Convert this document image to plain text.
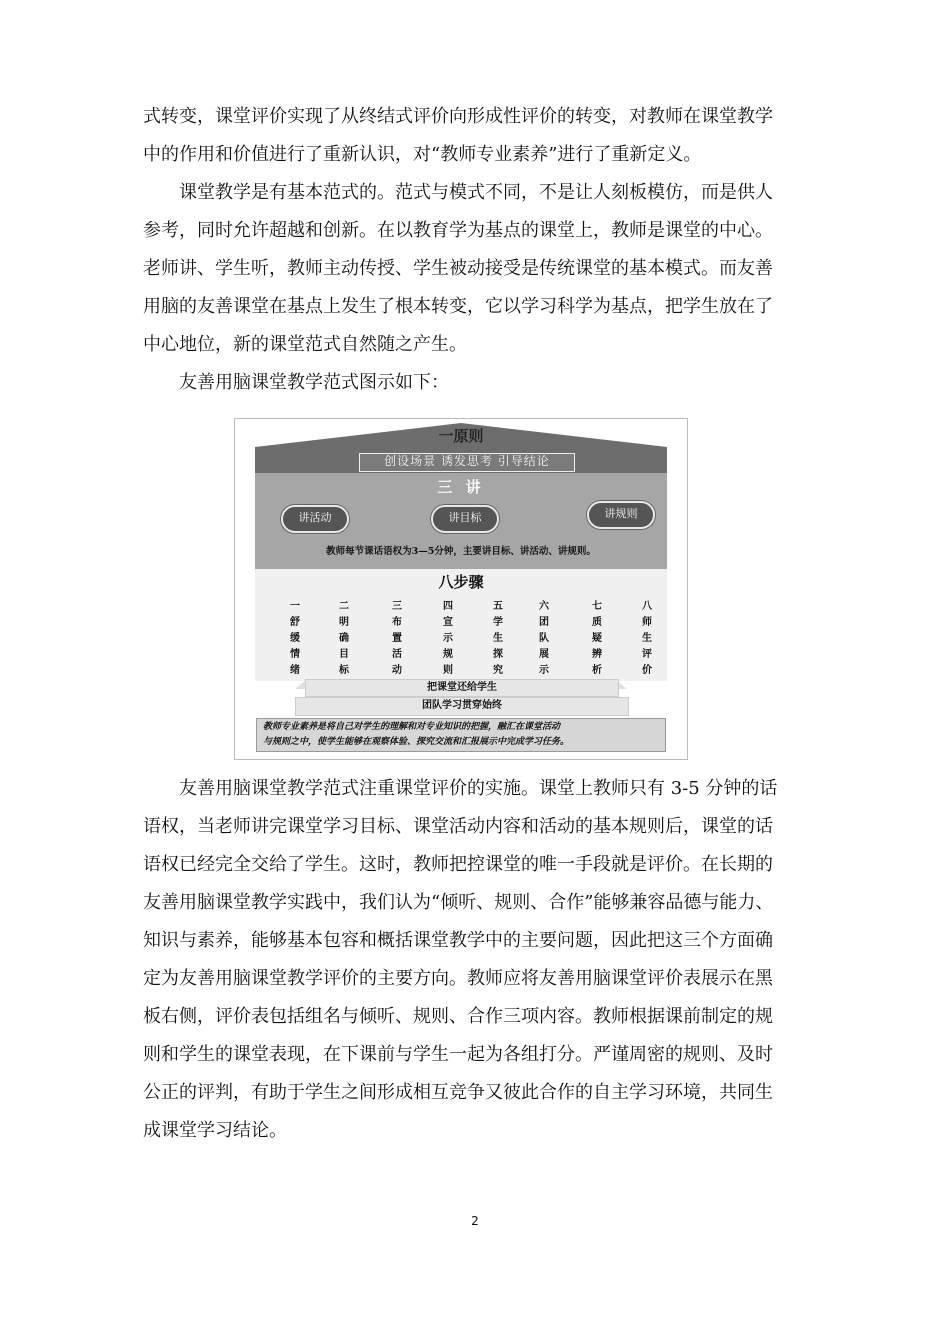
式转变，课堂评价实现了从终结式评价向形成性评价的转变，对教师在课堂教学
中的作用和价值进行了重新认识，对“教师专业素养”进行了重新定义。

　　课堂教学是有基本范式的。范式与模式不同，不是让人刻板模仿，而是供人
参考，同时允许超越和创新。在以教育学为基点的课堂上，教师是课堂的中心。
老师讲、学生听，教师主动传授、学生被动接受是传统课堂的基本模式。而友善
用脑的友善课堂在基点上发生了根本转变，它以学习科学为基点，把学生放在了
中心地位，新的课堂范式自然随之产生。

　　友善用脑课堂教学范式图示如下：

一原则
创设场景 诱发思考 引导结论
三 讲
讲活动	讲目标	讲规则
教师每节课话语权为3—5分钟，主要讲目标、讲活动、讲规则。
八步骤
一
舒
缓
情
绪
二
明
确
目
标
三
布
置
活
动
四
宣
示
规
则
五
学
生
探
究
六
团
队
展
示
七
质
疑
辨
析
八
师
生
评
价
把课堂还给学生
团队学习贯穿始终
教师专业素养是将自己对学生的理解和对专业知识的把握，融汇在课堂活动
与规则之中，使学生能够在观察体验、探究交流和汇报展示中完成学习任务。

　　友善用脑课堂教学范式注重课堂评价的实施。课堂上教师只有 3-5 分钟的话
语权，当老师讲完课堂学习目标、课堂活动内容和活动的基本规则后，课堂的话
语权已经完全交给了学生。这时，教师把控课堂的唯一手段就是评价。在长期的
友善用脑课堂教学实践中，我们认为“倾听、规则、合作”能够兼容品德与能力、
知识与素养，能够基本包容和概括课堂教学中的主要问题，因此把这三个方面确
定为友善用脑课堂教学评价的主要方向。教师应将友善用脑课堂评价表展示在黑
板右侧，评价表包括组名与倾听、规则、合作三项内容。教师根据课前制定的规
则和学生的课堂表现，在下课前与学生一起为各组打分。严谨周密的规则、及时
公正的评判，有助于学生之间形成相互竞争又彼此合作的自主学习环境，共同生
成课堂学习结论。

2
